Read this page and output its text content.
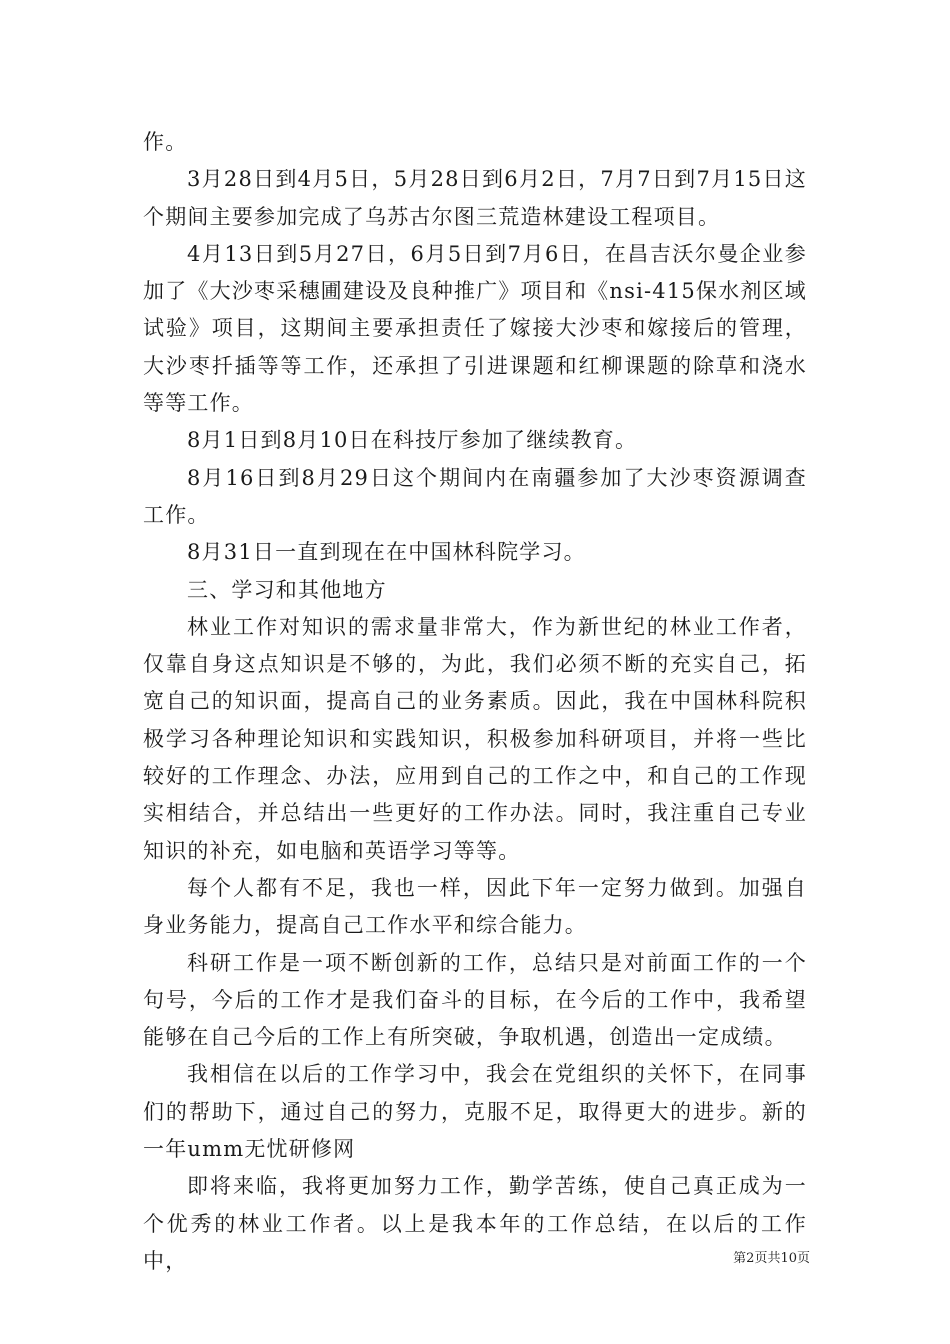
作。

3月28日到4月5日，5月28日到6月2日，7月7日到7月15日这个期间主要参加完成了乌苏古尔图三荒造林建设工程项目。

4月13日到5月27日，6月5日到7月6日，在昌吉沃尔曼企业参加了《大沙枣采穗圃建设及良种推广》项目和《nsi-415保水剂区域试验》项目，这期间主要承担责任了嫁接大沙枣和嫁接后的管理，大沙枣扦插等等工作，还承担了引进课题和红柳课题的除草和浇水等等工作。

8月1日到8月10日在科技厅参加了继续教育。

8月16日到8月29日这个期间内在南疆参加了大沙枣资源调查工作。

8月31日一直到现在在中国林科院学习。

三、学习和其他地方

林业工作对知识的需求量非常大，作为新世纪的林业工作者，仅靠自身这点知识是不够的，为此，我们必须不断的充实自己，拓宽自己的知识面，提高自己的业务素质。因此，我在中国林科院积极学习各种理论知识和实践知识，积极参加科研项目，并将一些比较好的工作理念、办法，应用到自己的工作之中，和自己的工作现实相结合，并总结出一些更好的工作办法。同时，我注重自己专业知识的补充，如电脑和英语学习等等。

每个人都有不足，我也一样，因此下年一定努力做到。加强自身业务能力，提高自己工作水平和综合能力。

科研工作是一项不断创新的工作，总结只是对前面工作的一个句号，今后的工作才是我们奋斗的目标，在今后的工作中，我希望能够在自己今后的工作上有所突破，争取机遇，创造出一定成绩。

我相信在以后的工作学习中，我会在党组织的关怀下，在同事们的帮助下，通过自己的努力，克服不足，取得更大的进步。新的一年umm无忧研修网

即将来临，我将更加努力工作，勤学苦练，使自己真正成为一个优秀的林业工作者。以上是我本年的工作总结，在以后的工作中，	第2页共10页
